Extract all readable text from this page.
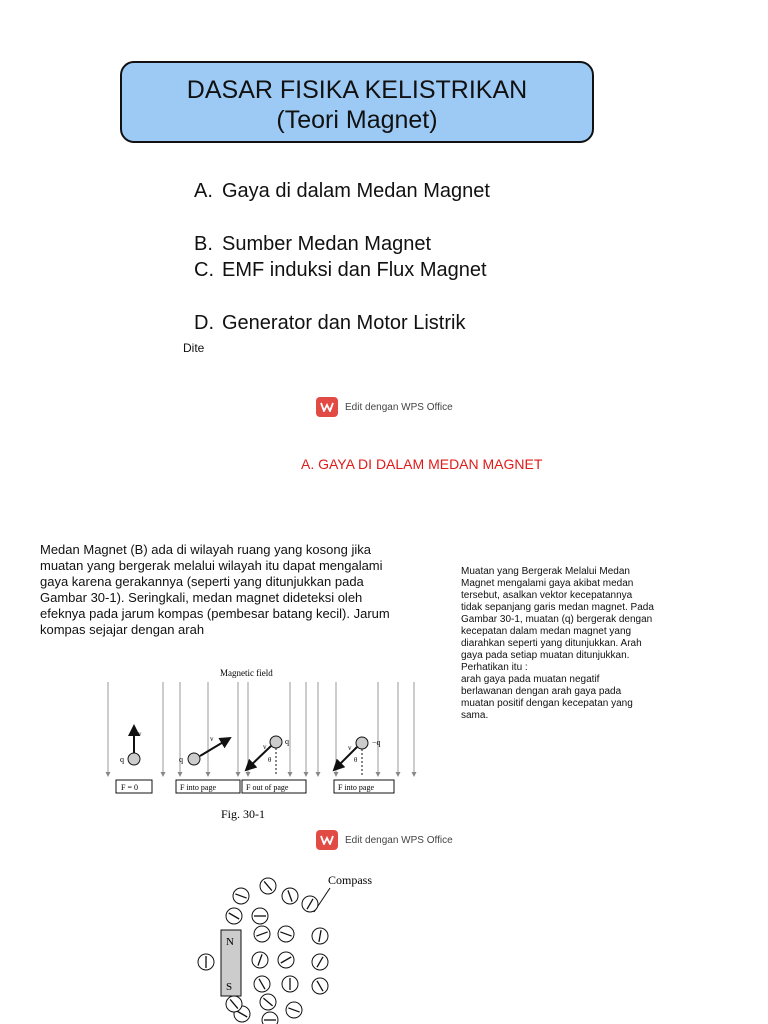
DASAR FISIKA KELISTRIKAN
(Teori Magnet)
A. Gaya di dalam Medan Magnet
B. Sumber Medan Magnet
C. EMF induksi dan Flux Magnet
D. Generator dan Motor Listrik
Dite
Edit dengan WPS Office
A. GAYA DI DALAM MEDAN MAGNET
Medan Magnet (B) ada di wilayah ruang yang kosong jika muatan yang bergerak melalui wilayah itu dapat mengalami gaya karena gerakannya (seperti yang ditunjukkan pada Gambar 30-1). Seringkali, medan magnet dideteksi oleh efeknya pada jarum kompas (pembesar batang kecil). Jarum kompas sejajar dengan arah
Muatan yang Bergerak Melalui Medan
Magnet mengalami gaya akibat medan
tersebut, asalkan vektor kecepatannya
tidak sepanjang garis medan magnet. Pada
Gambar 30-1, muatan (q) bergerak dengan
kecepatan dalam medan magnet yang
diarahkan seperti yang ditunjukkan. Arah
gaya pada setiap muatan ditunjukkan.
Perhatikan itu :
arah gaya pada muatan negatif
berlawanan dengan arah gaya pada
muatan positif dengan kecepatan yang
sama.
Magnetic field
q
v
F = 0
q
v
F into page
q
v
θ
F out of page
−q
v
θ
F into page
Fig. 30-1
Edit dengan WPS Office
Compass
N
S
